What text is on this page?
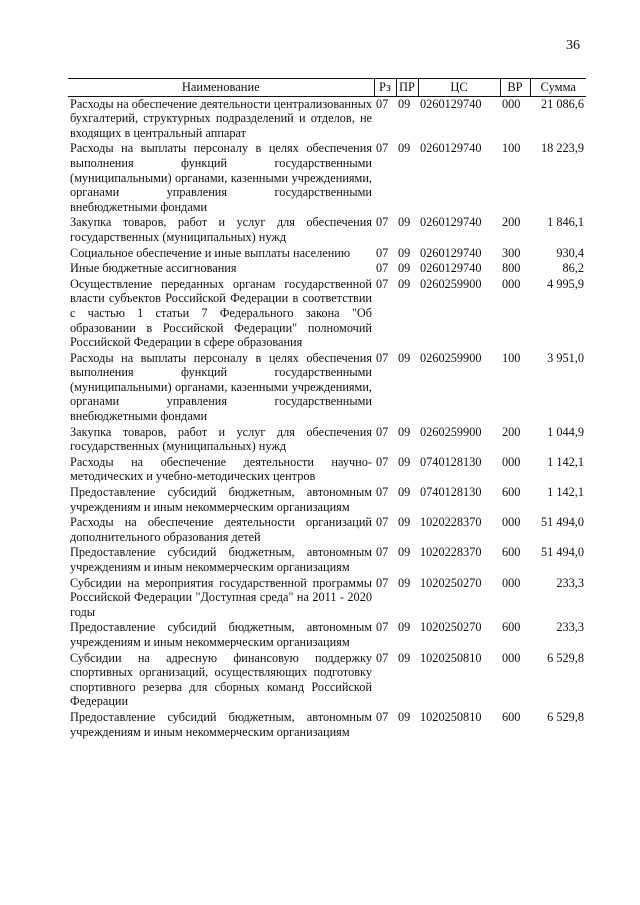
36
Наименование	Рз	ПР	ЦС	ВР	Сумма
Расходы на обеспечение деятельности централизованных бухгалтерий, структурных подразделений и отделов, не входящих в центральный аппарат	07	09	0260129740	000	21 086,6
Расходы на выплаты персоналу в целях обеспечения выполнения функций государственными (муниципальными) органами, казенными учреждениями, органами управления государственными внебюджетными фондами	07	09	0260129740	100	18 223,9
Закупка товаров, работ и услуг для обеспечения государственных (муниципальных) нужд	07	09	0260129740	200	1 846,1
Социальное обеспечение и иные выплаты населению	07	09	0260129740	300	930,4
Иные бюджетные ассигнования	07	09	0260129740	800	86,2
Осуществление переданных органам государственной власти субъектов Российской Федерации в соответствии с частью 1 статьи 7 Федерального закона "Об образовании в Российской Федерации" полномочий Российской Федерации в сфере образования	07	09	0260259900	000	4 995,9
Расходы на выплаты персоналу в целях обеспечения выполнения функций государственными (муниципальными) органами, казенными учреждениями, органами управления государственными внебюджетными фондами	07	09	0260259900	100	3 951,0
Закупка товаров, работ и услуг для обеспечения государственных (муниципальных) нужд	07	09	0260259900	200	1 044,9
Расходы на обеспечение деятельности научно-методических и учебно-методических центров	07	09	0740128130	000	1 142,1
Предоставление субсидий бюджетным, автономным учреждениям и иным некоммерческим организациям	07	09	0740128130	600	1 142,1
Расходы на обеспечение деятельности организаций дополнительного образования детей	07	09	1020228370	000	51 494,0
Предоставление субсидий бюджетным, автономным учреждениям и иным некоммерческим организациям	07	09	1020228370	600	51 494,0
Субсидии на мероприятия государственной программы Российской Федерации "Доступная среда" на 2011 - 2020 годы	07	09	1020250270	000	233,3
Предоставление субсидий бюджетным, автономным учреждениям и иным некоммерческим организациям	07	09	1020250270	600	233,3
Субсидии на адресную финансовую поддержку спортивных организаций, осуществляющих подготовку спортивного резерва для сборных команд Российской Федерации	07	09	1020250810	000	6 529,8
Предоставление субсидий бюджетным, автономным учреждениям и иным некоммерческим организациям	07	09	1020250810	600	6 529,8
